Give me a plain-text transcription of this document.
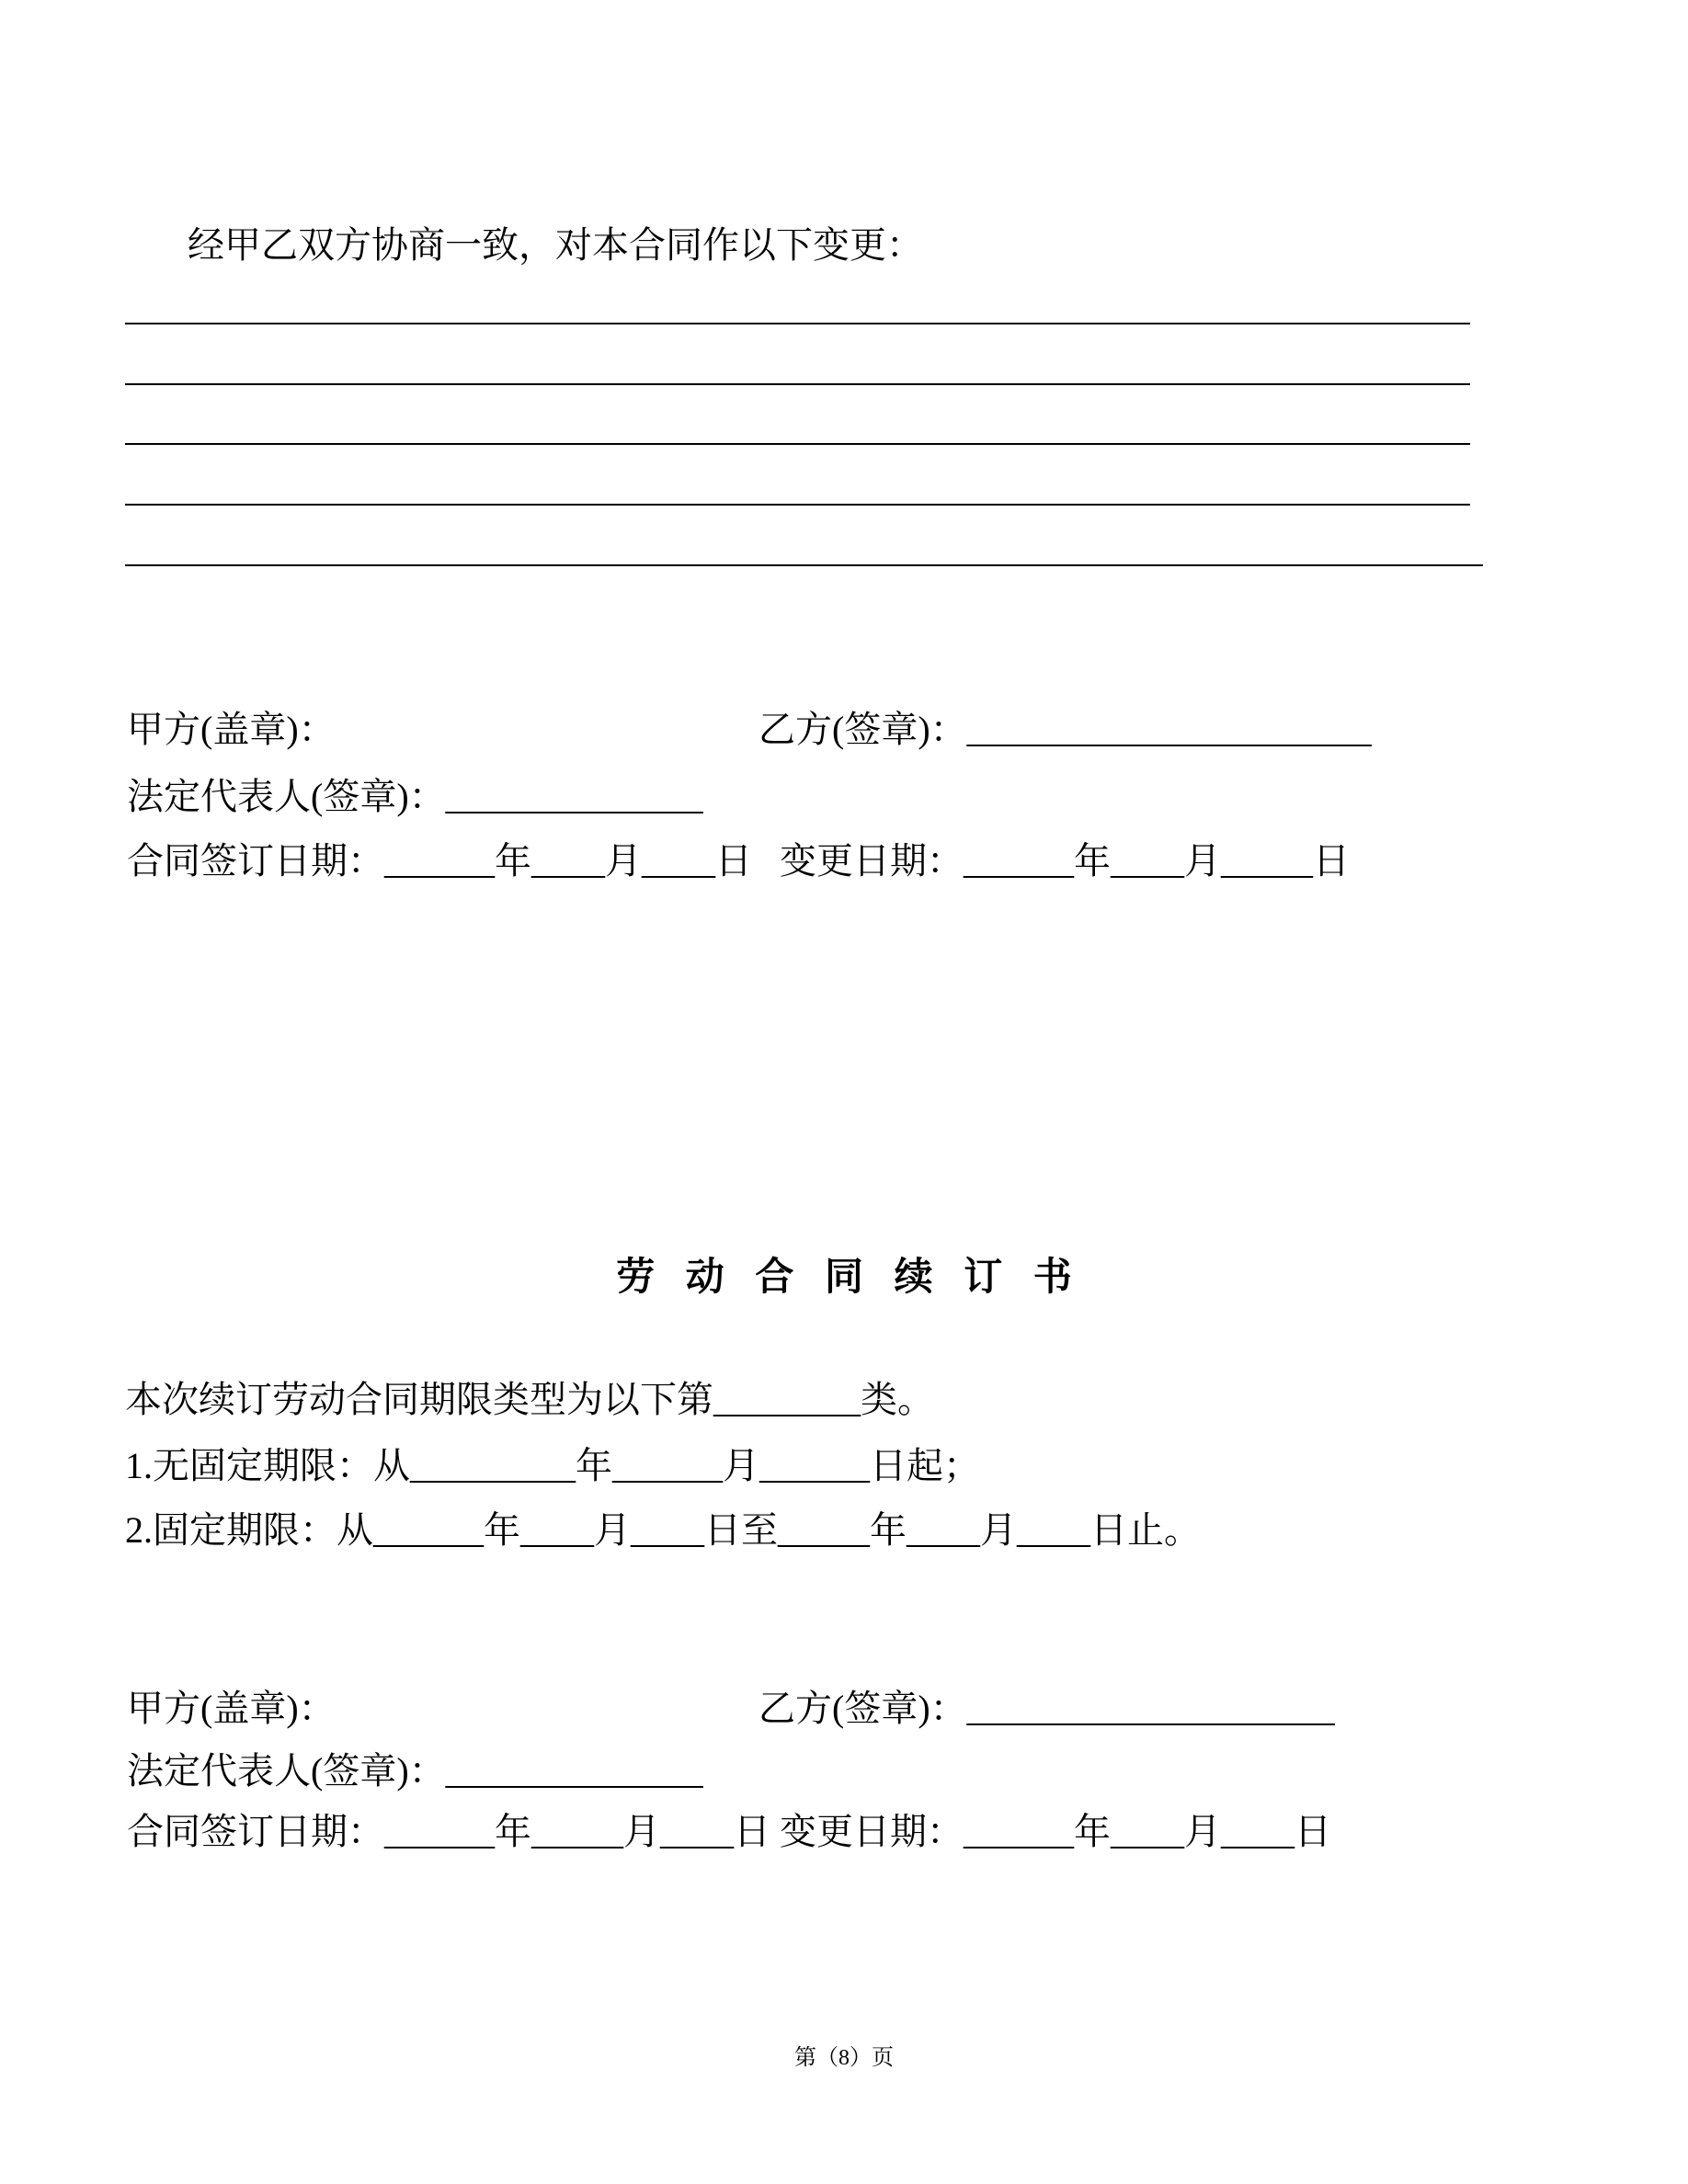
经甲乙双方协商一致，对本合同作以下变更：
甲方(盖章)：	乙方(签章)：______________________
法定代表人(签章)：______________
合同签订日期：______年____月____日 变更日期：______年____月_____日
劳 动 合 同 续 订 书
本次续订劳动合同期限类型为以下第________类。
1.无固定期限：从_________年______月______日起；
2.固定期限：从______年____月____日至_____年____月____日止。
甲方(盖章)：	乙方(签章)：____________________
法定代表人(签章)：______________
合同签订日期：______年_____月____日 变更日期：______年____月____日
第（8）页
